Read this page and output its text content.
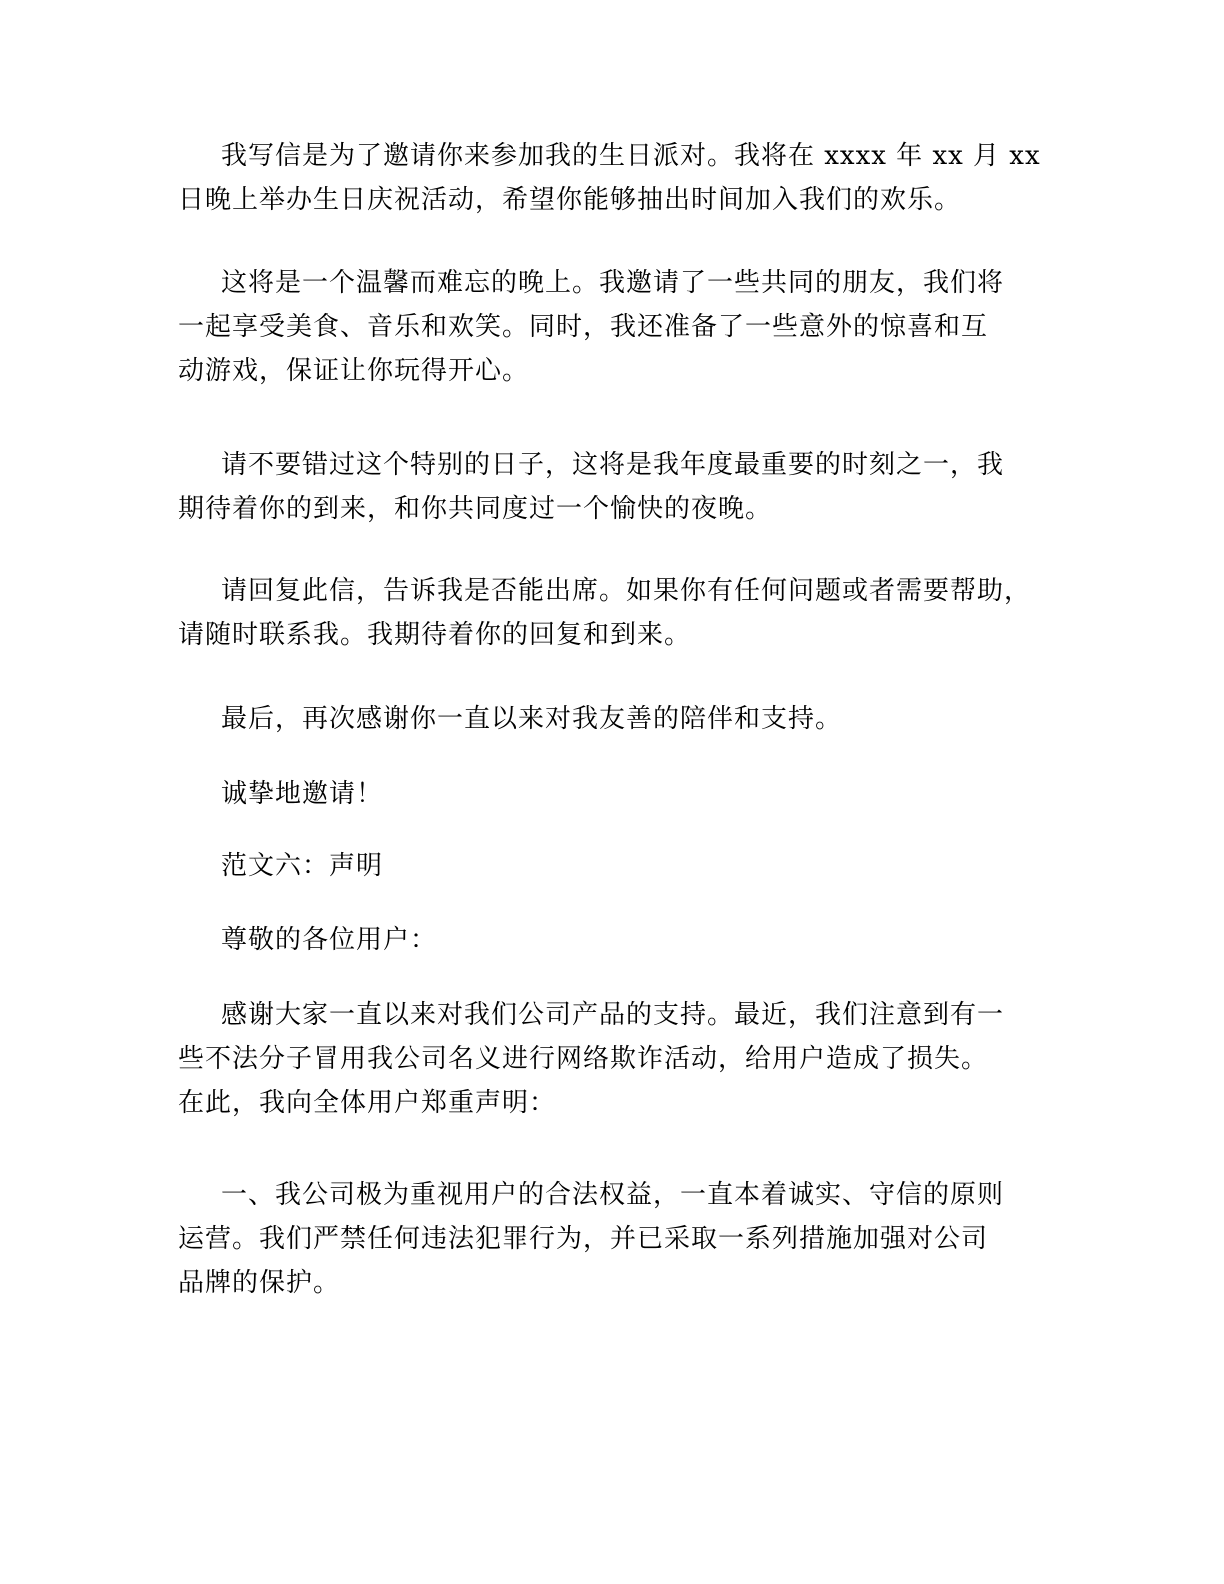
我写信是为了邀请你来参加我的生日派对。我将在 xxxx 年 xx 月 xx
日晚上举办生日庆祝活动，希望你能够抽出时间加入我们的欢乐。
这将是一个温馨而难忘的晚上。我邀请了一些共同的朋友，我们将
一起享受美食、音乐和欢笑。同时，我还准备了一些意外的惊喜和互
动游戏，保证让你玩得开心。
请不要错过这个特别的日子，这将是我年度最重要的时刻之一，我
期待着你的到来，和你共同度过一个愉快的夜晚。
请回复此信，告诉我是否能出席。如果你有任何问题或者需要帮助，
请随时联系我。我期待着你的回复和到来。
最后，再次感谢你一直以来对我友善的陪伴和支持。
诚挚地邀请！
范文六：声明
尊敬的各位用户：
感谢大家一直以来对我们公司产品的支持。最近，我们注意到有一
些不法分子冒用我公司名义进行网络欺诈活动，给用户造成了损失。
在此，我向全体用户郑重声明：
一、我公司极为重视用户的合法权益，一直本着诚实、守信的原则
运营。我们严禁任何违法犯罪行为，并已采取一系列措施加强对公司
品牌的保护。
